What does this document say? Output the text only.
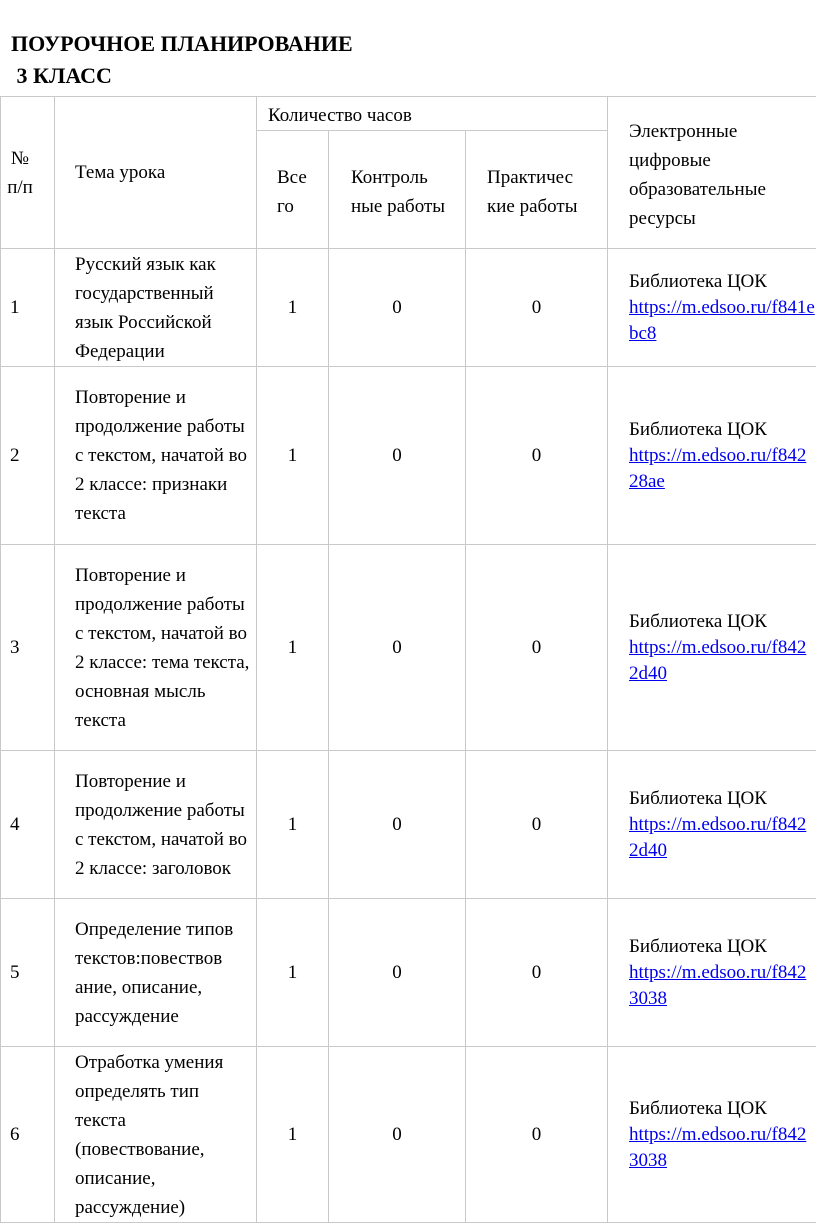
ПОУРОЧНОЕ ПЛАНИРОВАНИЕ
3 КЛАСС
№ п/п	Тема урока	Количество часов			Электронные цифровые образовательные ресурсы
		Все го	Контроль ные работы	Практичес кие работы	
1	Русский язык как государственный язык Российской Федерации	1	0	0	Библиотека ЦОК
https://m.edsoo.ru/f841ebc8

2	Повторение и продолжение работы с текстом, начатой во 2 классе: признаки текста	1	0	0	Библиотека ЦОК
https://m.edsoo.ru/f84228ae

3	Повторение и продолжение работы с текстом, начатой во 2 классе: тема текста, основная мысль текста	1	0	0	Библиотека ЦОК
https://m.edsoo.ru/f8422d40

4	Повторение и продолжение работы с текстом, начатой во 2 классе: заголовок	1	0	0	Библиотека ЦОК
https://m.edsoo.ru/f8422d40

5	Определение типов текстов:повествов ание, описание, рассуждение	1	0	0	Библиотека ЦОК
https://m.edsoo.ru/f8423038

6	Отработка умения определять тип текста (повествование, описание, рассуждение)	1	0	0	Библиотека ЦОК
https://m.edsoo.ru/f8423038
